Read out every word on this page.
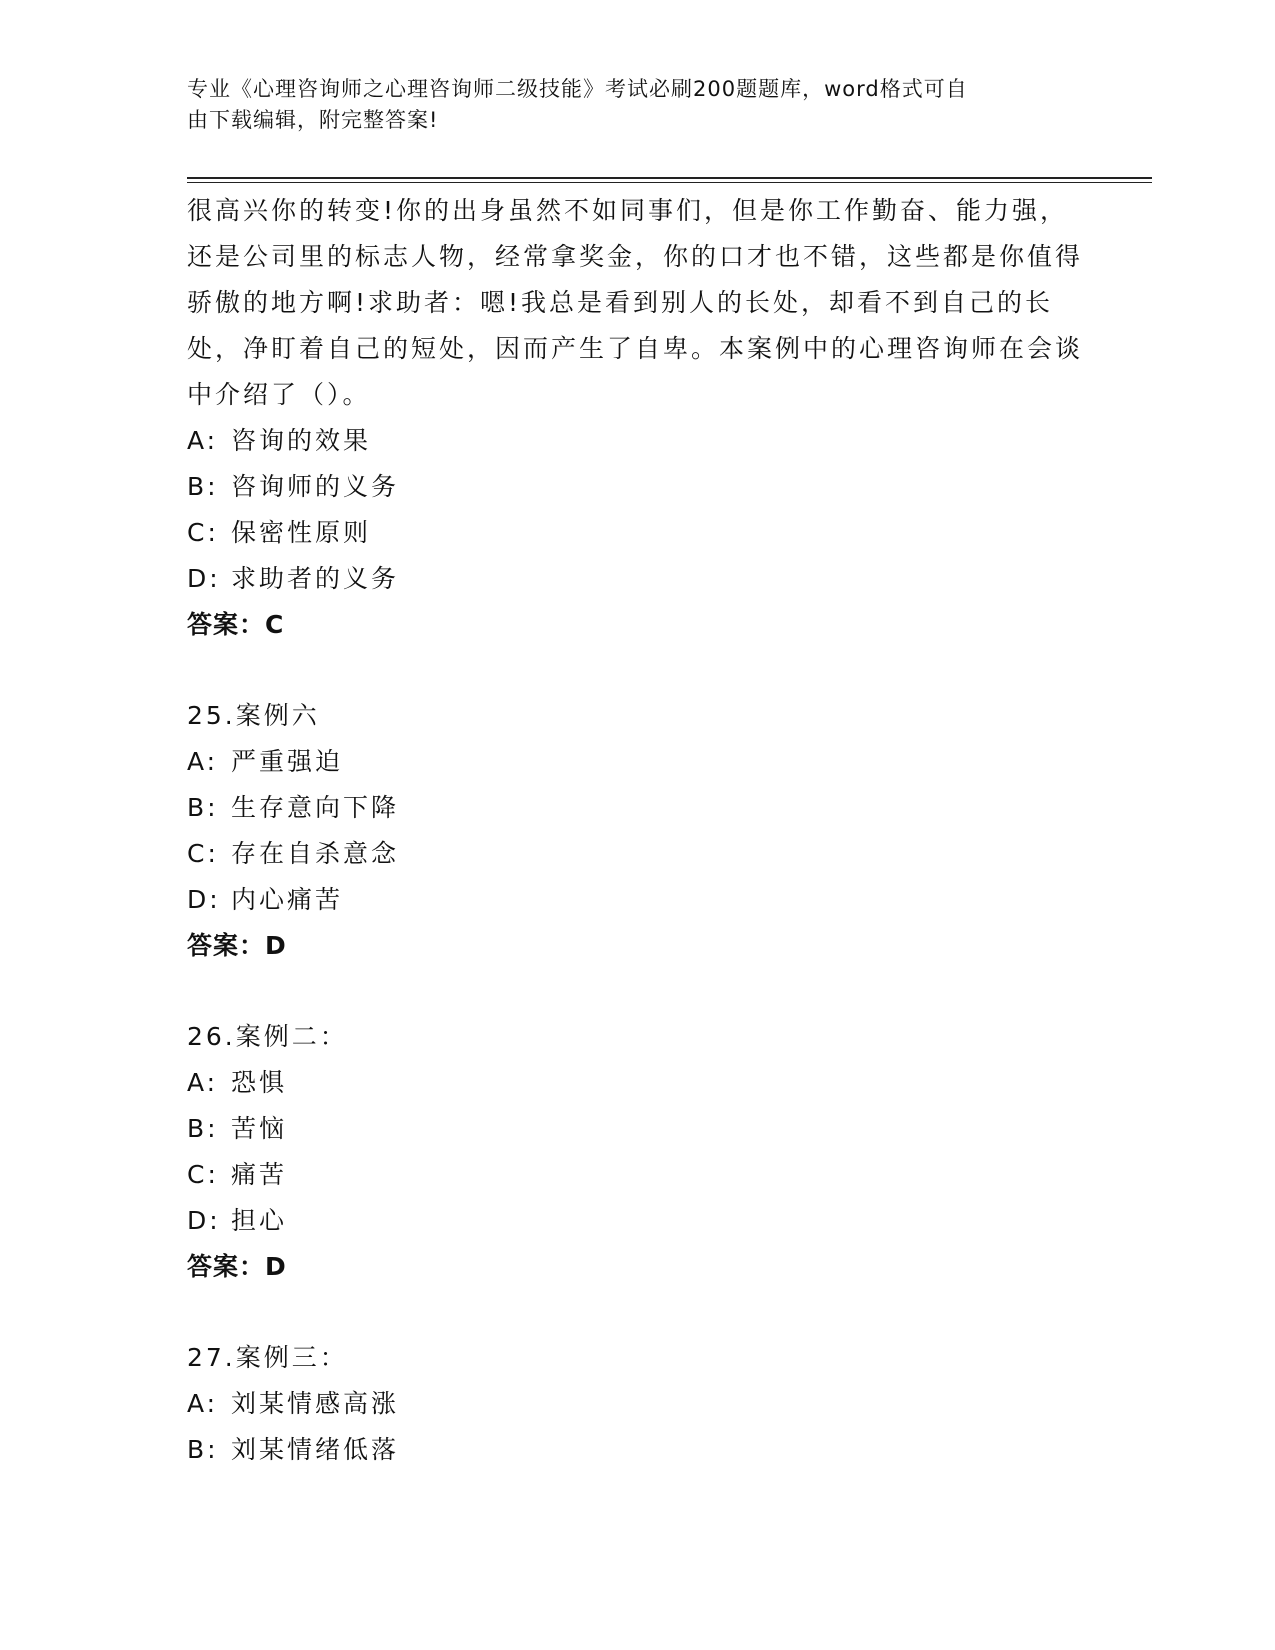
专业《心理咨询师之心理咨询师二级技能》考试必刷200题题库，word格式可自
由下载编辑，附完整答案!
很高兴你的转变!你的出身虽然不如同事们，但是你工作勤奋、能力强，还是公司里的标志人物，经常拿奖金，你的口才也不错，这些都是你值得骄傲的地方啊!求助者：嗯!我总是看到别人的长处，却看不到自己的长处，净盯着自己的短处，因而产生了自卑。本案例中的心理咨询师在会谈中介绍了（）。
A: 咨询的效果
B: 咨询师的义务
C: 保密性原则
D: 求助者的义务
答案：C
25.案例六
A: 严重强迫
B: 生存意向下降
C: 存在自杀意念
D: 内心痛苦
答案：D
26.案例二：
A: 恐惧
B: 苦恼
C: 痛苦
D: 担心
答案：D
27.案例三：
A: 刘某情感高涨
B: 刘某情绪低落
